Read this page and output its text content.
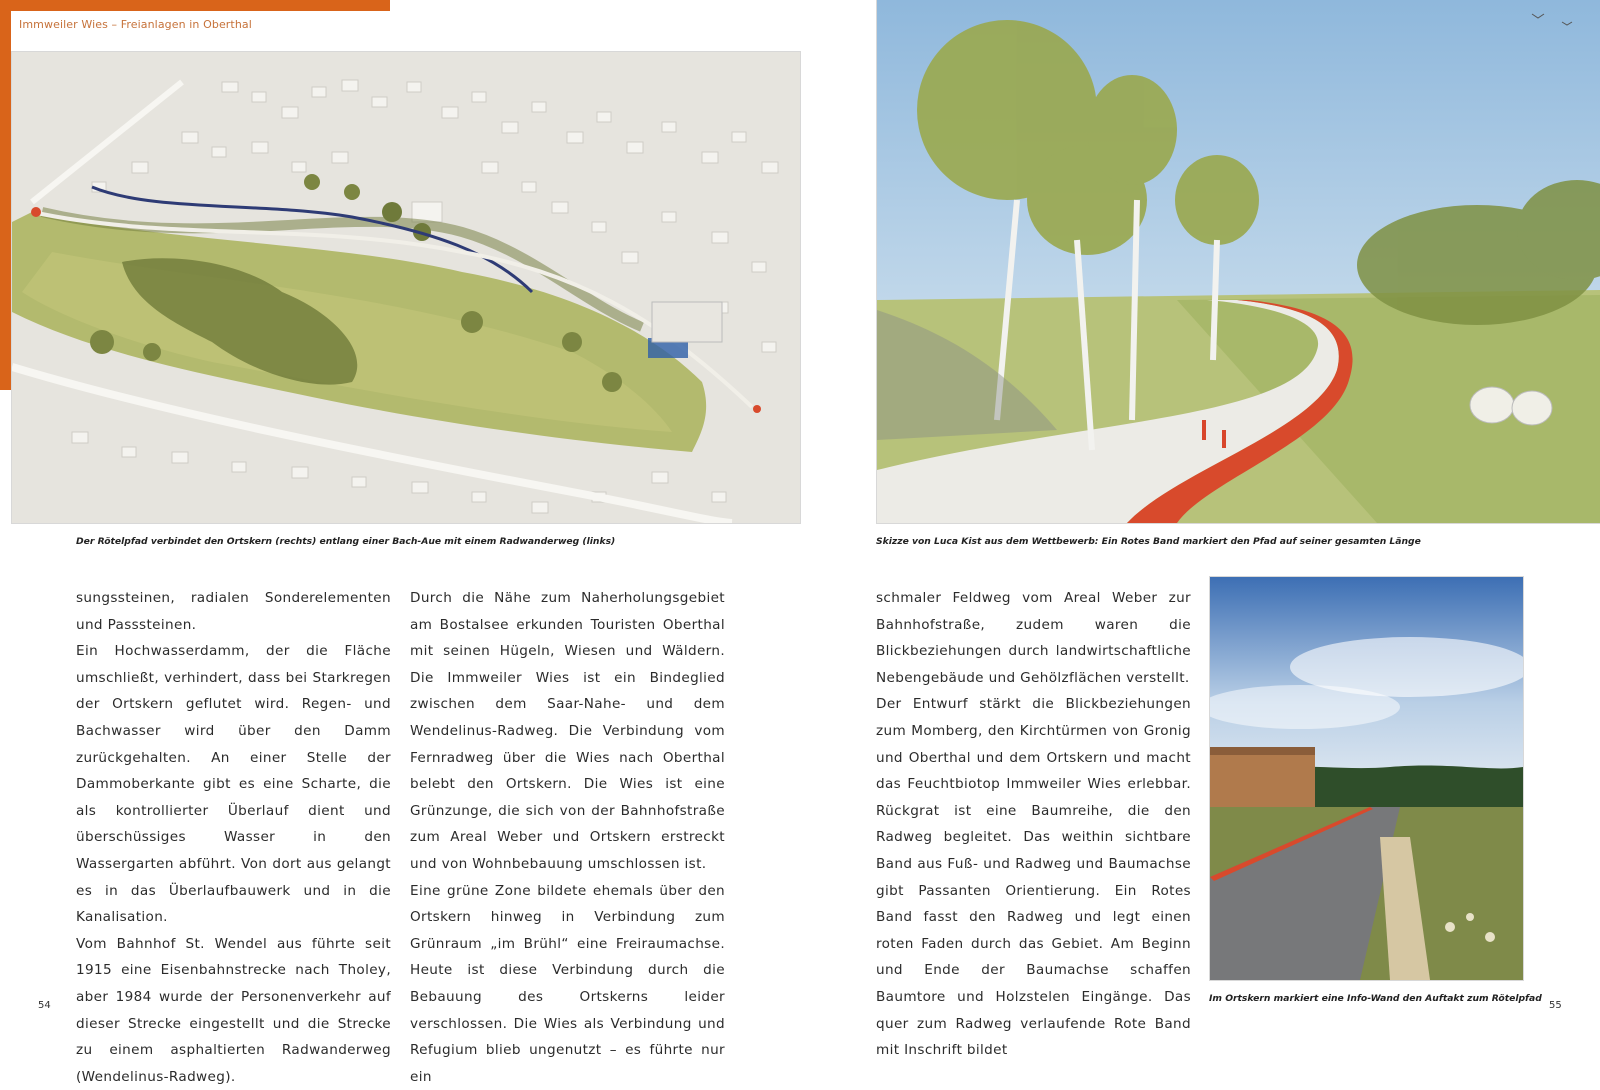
Immweiler Wies – Freianlagen in Oberthal
Der Rötelpfad verbindet den Ortskern (rechts) entlang einer Bach-Aue mit einem Radwanderweg (links)	Skizze von Luca Kist aus dem Wettbewerb: Ein Rotes Band markiert den Pfad auf seiner gesamten Länge

sungssteinen, radialen Sonderelementen und Passsteinen.

Ein Hochwasserdamm, der die Fläche umschließt, verhindert, dass bei Starkregen der Ortskern geflutet wird. Regen- und Bachwasser wird über den Damm zurückgehalten. An einer Stelle der Dammoberkante gibt es eine Scharte, die als kontrollierter Überlauf dient und überschüssiges Wasser in den Wassergarten abführt. Von dort aus gelangt es in das Überlaufbauwerk und in die Kanalisation.

Vom Bahnhof St. Wendel aus führte seit 1915 eine Eisenbahnstrecke nach Tholey, aber 1984 wurde der Personenverkehr auf dieser Strecke eingestellt und die Strecke zu einem asphaltierten Radwanderweg (Wendelinus-Radweg).

Durch die Nähe zum Naherholungsgebiet am Bostalsee erkunden Touristen Oberthal mit seinen Hügeln, Wiesen und Wäldern. Die Immweiler Wies ist ein Bindeglied zwischen dem Saar-Nahe- und dem Wendelinus-Radweg. Die Verbindung vom Fernradweg über die Wies nach Oberthal belebt den Ortskern. Die Wies ist eine Grünzunge, die sich von der Bahnhofstraße zum Areal Weber und Ortskern erstreckt und von Wohnbebauung umschlossen ist.

Eine grüne Zone bildete ehemals über den Ortskern hinweg in Verbindung zum Grünraum „im Brühl“ eine Freiraumachse. Heute ist diese Verbindung durch die Bebauung des Ortskerns leider verschlossen. Die Wies als Verbindung und Refugium blieb ungenutzt – es führte nur ein

schmaler Feldweg vom Areal Weber zur Bahnhofstraße, zudem waren die Blickbeziehungen durch landwirtschaftliche Nebengebäude und Gehölzflächen verstellt.

Der Entwurf stärkt die Blickbeziehungen zum Momberg, den Kirchtürmen von Gronig und Oberthal und dem Ortskern und macht das Feuchtbiotop Immweiler Wies erlebbar. Rückgrat ist eine Baumreihe, die den Radweg begleitet. Das weithin sichtbare Band aus Fuß- und Radweg und Baumachse gibt Passanten Orientierung. Ein Rotes Band fasst den Radweg und legt einen roten Faden durch das Gebiet. Am Beginn und Ende der Baumachse schaffen Baumtore und Holzstelen Eingänge. Das quer zum Radweg verlaufende Rote Band mit Inschrift bildet

Im Ortskern markiert eine Info-Wand den Auftakt zum Rötelpfad
54	55
